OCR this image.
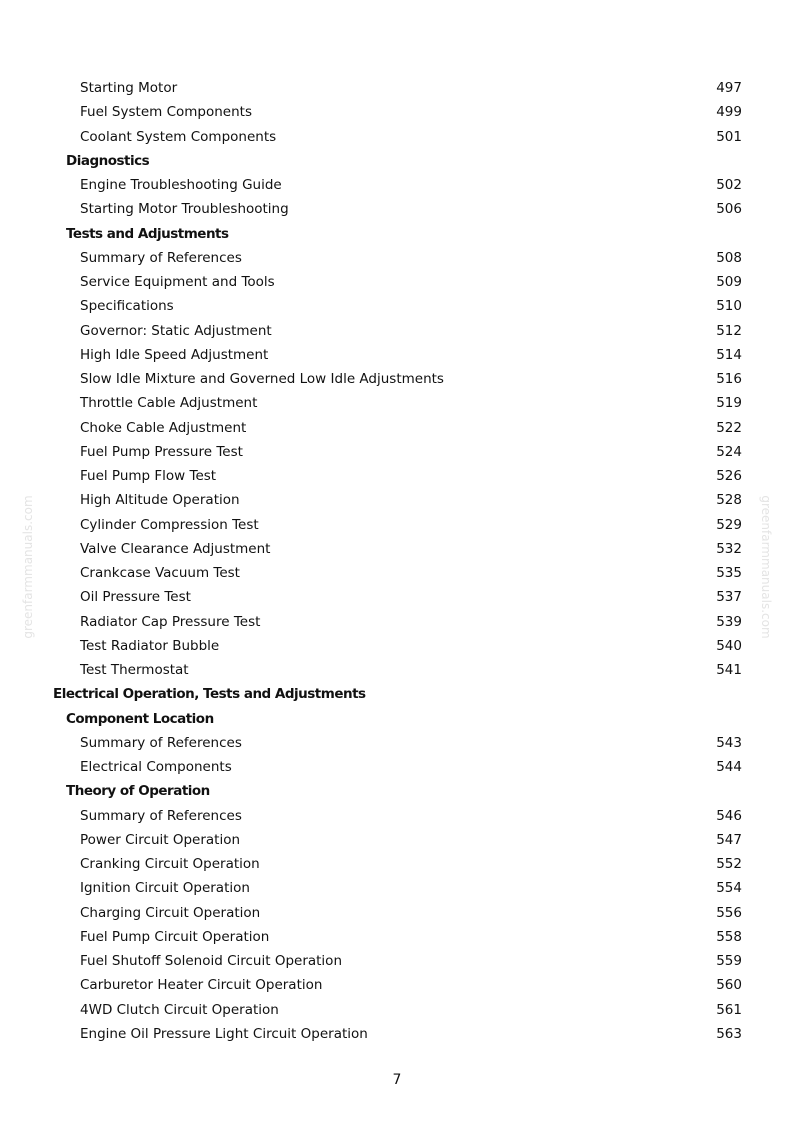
Starting Motor	497
Fuel System Components	499
Coolant System Components	501
Diagnostics
Engine Troubleshooting Guide	502
Starting Motor Troubleshooting	506
Tests and Adjustments
Summary of References	508
Service Equipment and Tools	509
Specifications	510
Governor: Static Adjustment	512
High Idle Speed Adjustment	514
Slow Idle Mixture and Governed Low Idle Adjustments	516
Throttle Cable Adjustment	519
Choke Cable Adjustment	522
Fuel Pump Pressure Test	524
Fuel Pump Flow Test	526
High Altitude Operation	528
Cylinder Compression Test	529
Valve Clearance Adjustment	532
Crankcase Vacuum Test	535
Oil Pressure Test	537
Radiator Cap Pressure Test	539
Test Radiator Bubble	540
Test Thermostat	541
Electrical Operation, Tests and Adjustments
Component Location
Summary of References	543
Electrical Components	544
Theory of Operation
Summary of References	546
Power Circuit Operation	547
Cranking Circuit Operation	552
Ignition Circuit Operation	554
Charging Circuit Operation	556
Fuel Pump Circuit Operation	558
Fuel Shutoff Solenoid Circuit Operation	559
Carburetor Heater Circuit Operation	560
4WD Clutch Circuit Operation	561
Engine Oil Pressure Light Circuit Operation	563
7
greenfarmmanuals.com	greenfarmmanuals.com
